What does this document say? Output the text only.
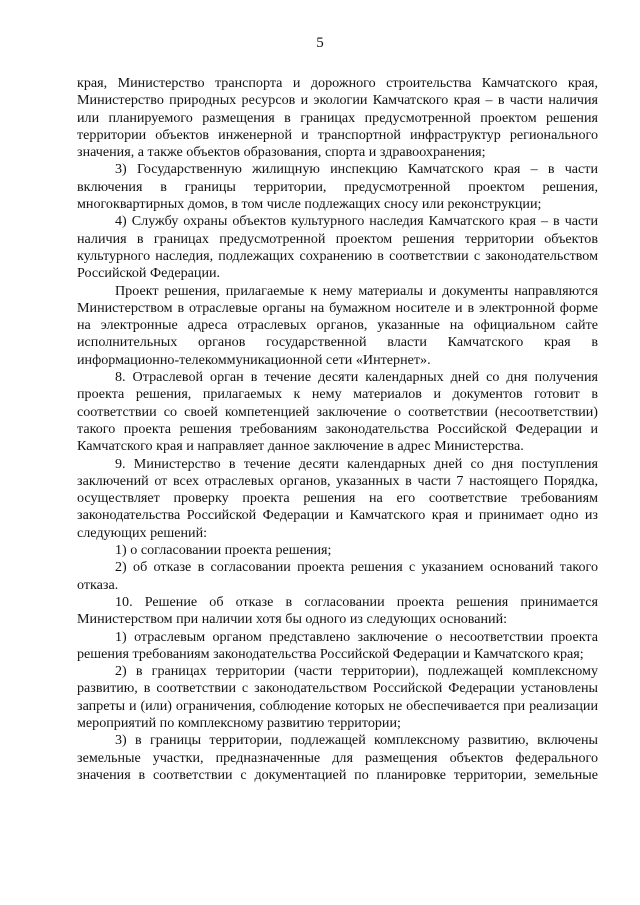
5

края, Министерство транспорта и дорожного строительства Камчатского края, Министерство природных ресурсов и экологии Камчатского края – в части наличия или планируемого размещения в границах предусмотренной проектом решения территории объектов инженерной и транспортной инфраструктур регионального значения, а также объектов образования, спорта и здравоохранения;

3) Государственную жилищную инспекцию Камчатского края – в части включения в границы территории, предусмотренной проектом решения, многоквартирных домов, в том числе подлежащих сносу или реконструкции;

4) Службу охраны объектов культурного наследия Камчатского края – в части наличия в границах предусмотренной проектом решения территории объектов культурного наследия, подлежащих сохранению в соответствии с законодательством Российской Федерации.

Проект решения, прилагаемые к нему материалы и документы направляются Министерством в отраслевые органы на бумажном носителе и в электронной форме на электронные адреса отраслевых органов, указанные на официальном сайте исполнительных органов государственной власти Камчатского края в информационно-телекоммуникационной сети «Интернет».

8. Отраслевой орган в течение десяти календарных дней со дня получения проекта решения, прилагаемых к нему материалов и документов готовит в соответствии со своей компетенцией заключение о соответствии (несоответствии) такого проекта решения требованиям законодательства Российской Федерации и Камчатского края и направляет данное заключение в адрес Министерства.

9. Министерство в течение десяти календарных дней со дня поступления заключений от всех отраслевых органов, указанных в части 7 настоящего Порядка, осуществляет проверку проекта решения на его соответствие требованиям законодательства Российской Федерации и Камчатского края и принимает одно из следующих решений:

1) о согласовании проекта решения;

2) об отказе в согласовании проекта решения с указанием оснований такого отказа.

10. Решение об отказе в согласовании проекта решения принимается Министерством при наличии хотя бы одного из следующих оснований:

1) отраслевым органом представлено заключение о несоответствии проекта решения требованиям законодательства Российской Федерации и Камчатского края;

2) в границах территории (части территории), подлежащей комплексному развитию, в соответствии с законодательством Российской Федерации установлены запреты и (или) ограничения, соблюдение которых не обеспечивается при реализации мероприятий по комплексному развитию территории;

3) в границы территории, подлежащей комплексному развитию, включены земельные участки, предназначенные для размещения объектов федерального значения в соответствии с документацией по планировке территории, земельные
